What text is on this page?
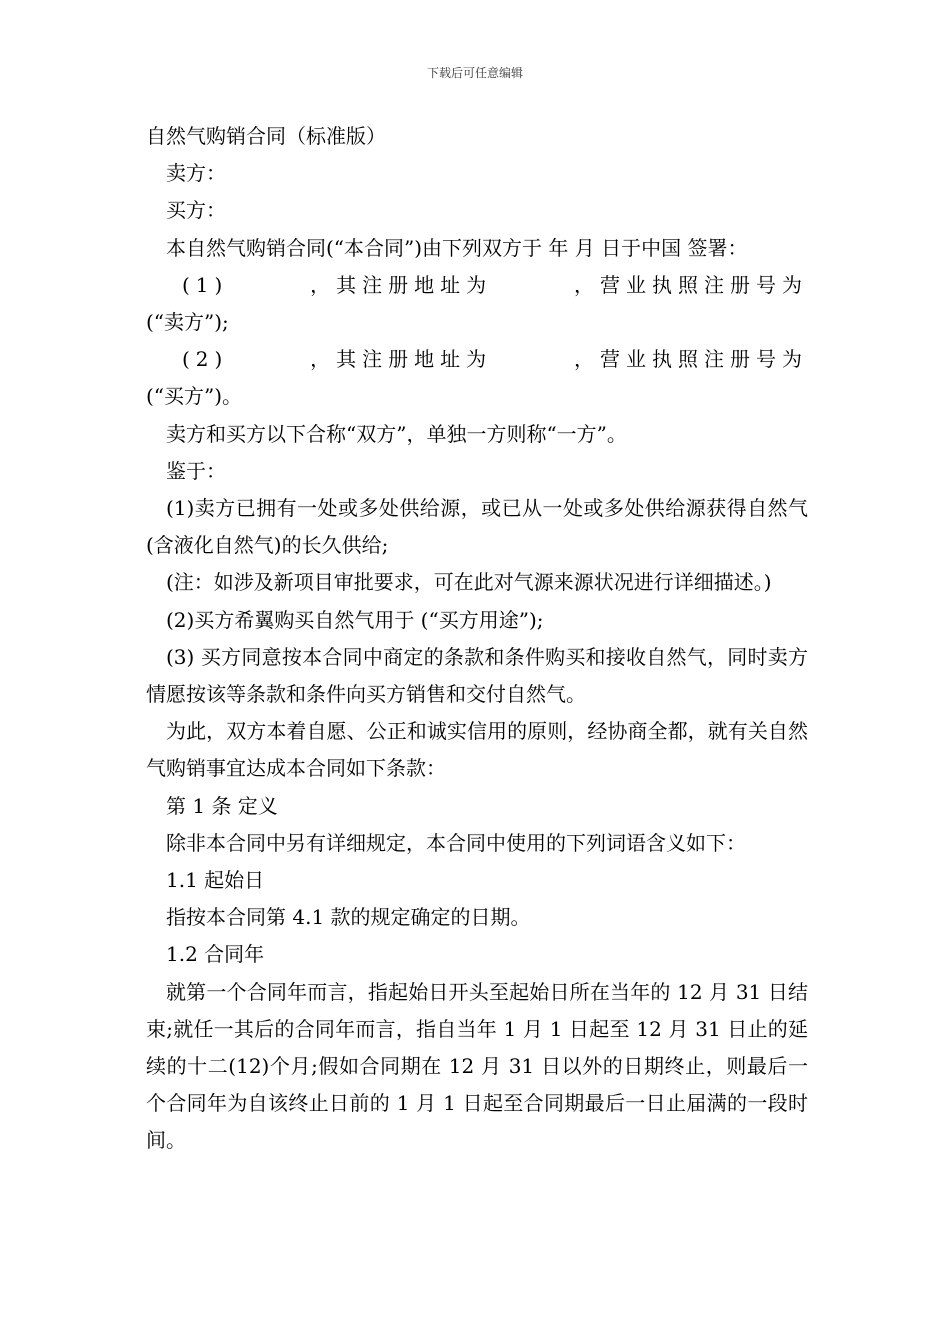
下载后可任意编辑

自然气购销合同（标准版）

卖方：

买方：

本自然气购销合同(“本合同”)由下列双方于 年 月 日于中国 签署：

(1)	，其注册地址为	，营业执照注册号为

(“卖方”);

(2)	，其注册地址为	，营业执照注册号为

(“买方”)。

卖方和买方以下合称“双方”，单独一方则称“一方”。

鉴于：

(1)卖方已拥有一处或多处供给源，或已从一处或多处供给源获得自然气(含液化自然气)的长久供给;

(注：如涉及新项目审批要求，可在此对气源来源状况进行详细描述。)

(2)买方希翼购买自然气用于 (“买方用途”);

(3) 买方同意按本合同中商定的条款和条件购买和接收自然气，同时卖方情愿按该等条款和条件向买方销售和交付自然气。

为此，双方本着自愿、公正和诚实信用的原则，经协商全都，就有关自然气购销事宜达成本合同如下条款：

第 1 条 定义

除非本合同中另有详细规定，本合同中使用的下列词语含义如下：

1.1 起始日

指按本合同第 4.1 款的规定确定的日期。

1.2 合同年

就第一个合同年而言，指起始日开头至起始日所在当年的 12 月 31 日结束;就任一其后的合同年而言，指自当年 1 月 1 日起至 12 月 31 日止的延续的十二(12)个月;假如合同期在 12 月 31 日以外的日期终止，则最后一个合同年为自该终止日前的 1 月 1 日起至合同期最后一日止届满的一段时间。
